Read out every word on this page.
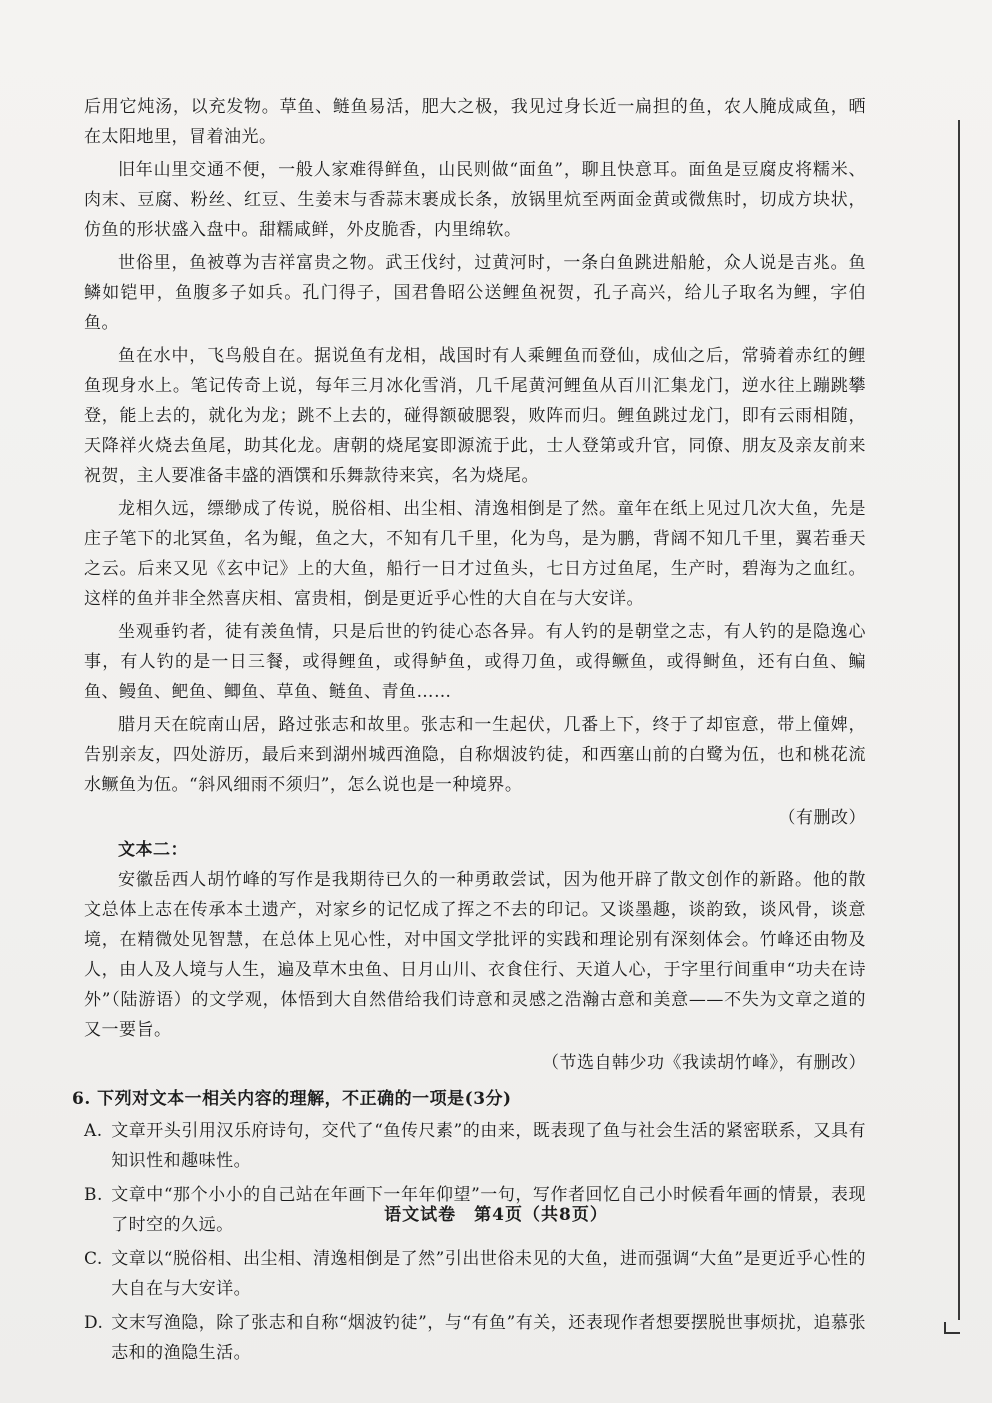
后用它炖汤，以充发物。草鱼、鲢鱼易活，肥大之极，我见过身长近一扁担的鱼，农人腌成咸鱼，晒在太阳地里，冒着油光。

旧年山里交通不便，一般人家难得鲜鱼，山民则做“面鱼”，聊且快意耳。面鱼是豆腐皮将糯米、肉末、豆腐、粉丝、红豆、生姜末与香蒜末裹成长条，放锅里炕至两面金黄或微焦时，切成方块状，仿鱼的形状盛入盘中。甜糯咸鲜，外皮脆香，内里绵软。

世俗里，鱼被尊为吉祥富贵之物。武王伐纣，过黄河时，一条白鱼跳进船舱，众人说是吉兆。鱼鳞如铠甲，鱼腹多子如兵。孔门得子，国君鲁昭公送鲤鱼祝贺，孔子高兴，给儿子取名为鲤，字伯鱼。

鱼在水中，飞鸟般自在。据说鱼有龙相，战国时有人乘鲤鱼而登仙，成仙之后，常骑着赤红的鲤鱼现身水上。笔记传奇上说，每年三月冰化雪消，几千尾黄河鲤鱼从百川汇集龙门，逆水往上蹦跳攀登，能上去的，就化为龙；跳不上去的，碰得额破腮裂，败阵而归。鲤鱼跳过龙门，即有云雨相随，天降祥火烧去鱼尾，助其化龙。唐朝的烧尾宴即源流于此，士人登第或升官，同僚、朋友及亲友前来祝贺，主人要准备丰盛的酒馔和乐舞款待来宾，名为烧尾。

龙相久远，缥缈成了传说，脱俗相、出尘相、清逸相倒是了然。童年在纸上见过几次大鱼，先是庄子笔下的北冥鱼，名为鲲，鱼之大，不知有几千里，化为鸟，是为鹏，背阔不知几千里，翼若垂天之云。后来又见《玄中记》上的大鱼，船行一日才过鱼头，七日方过鱼尾，生产时，碧海为之血红。这样的鱼并非全然喜庆相、富贵相，倒是更近乎心性的大自在与大安详。

坐观垂钓者，徒有羡鱼情，只是后世的钓徒心态各异。有人钓的是朝堂之志，有人钓的是隐逸心事，有人钓的是一日三餐，或得鲤鱼，或得鲈鱼，或得刀鱼，或得鳜鱼，或得鲥鱼，还有白鱼、鳊鱼、鳗鱼、鲃鱼、鲫鱼、草鱼、鲢鱼、青鱼……

腊月天在皖南山居，路过张志和故里。张志和一生起伏，几番上下，终于了却宦意，带上僮婢，告别亲友，四处游历，最后来到湖州城西渔隐，自称烟波钓徒，和西塞山前的白鹭为伍，也和桃花流水鳜鱼为伍。“斜风细雨不须归”，怎么说也是一种境界。

（有删改）

文本二：

安徽岳西人胡竹峰的写作是我期待已久的一种勇敢尝试，因为他开辟了散文创作的新路。他的散文总体上志在传承本土遗产，对家乡的记忆成了挥之不去的印记。又谈墨趣，谈韵致，谈风骨，谈意境，在精微处见智慧，在总体上见心性，对中国文学批评的实践和理论别有深刻体会。竹峰还由物及人，由人及人境与人生，遍及草木虫鱼、日月山川、衣食住行、天道人心，于字里行间重申“功夫在诗外”（陆游语）的文学观，体悟到大自然借给我们诗意和灵感之浩瀚古意和美意——不失为文章之道的又一要旨。

（节选自韩少功《我读胡竹峰》，有删改）

6. 下列对文本一相关内容的理解，不正确的一项是(3分)

A. 文章开头引用汉乐府诗句，交代了“鱼传尺素”的由来，既表现了鱼与社会生活的紧密联系，又具有知识性和趣味性。

B. 文章中“那个小小的自己站在年画下一年年仰望”一句，写作者回忆自己小时候看年画的情景，表现了时空的久远。

C. 文章以“脱俗相、出尘相、清逸相倒是了然”引出世俗未见的大鱼，进而强调“大鱼”是更近乎心性的大自在与大安详。

D. 文末写渔隐，除了张志和自称“烟波钓徒”，与“有鱼”有关，还表现作者想要摆脱世事烦扰，追慕张志和的渔隐生活。

语文试卷　第4页（共8页）
